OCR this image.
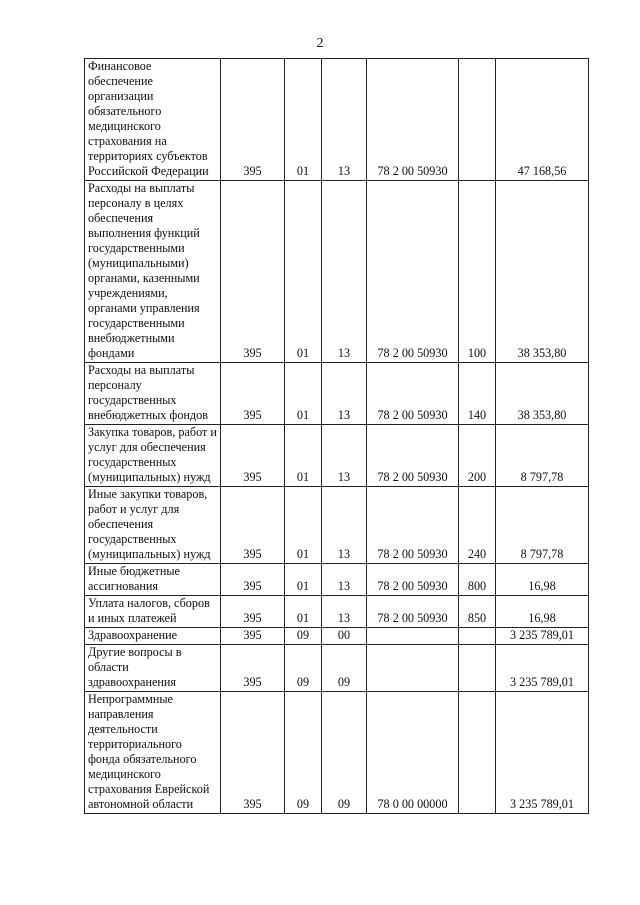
2
Финансовое обеспечение организации обязательного медицинского страхования на территориях субъектов Российской Федерации	395	01	13	78 2 00 50930		47 168,56
Расходы на выплаты персоналу в целях обеспечения выполнения функций государственными (муниципальными) органами, казенными учреждениями, органами управления государственными внебюджетными фондами	395	01	13	78 2 00 50930	100	38 353,80
Расходы на выплаты персоналу государственных внебюджетных фондов	395	01	13	78 2 00 50930	140	38 353,80
Закупка товаров, работ и услуг для обеспечения государственных (муниципальных) нужд	395	01	13	78 2 00 50930	200	8 797,78
Иные закупки товаров, работ и услуг для обеспечения государственных (муниципальных) нужд	395	01	13	78 2 00 50930	240	8 797,78
Иные бюджетные ассигнования	395	01	13	78 2 00 50930	800	16,98
Уплата налогов, сборов и иных платежей	395	01	13	78 2 00 50930	850	16,98
Здравоохранение	395	09	00			3 235 789,01
Другие вопросы в области здравоохранения	395	09	09			3 235 789,01
Непрограммные направления деятельности территориального фонда обязательного медицинского страхования Еврейской автономной области	395	09	09	78 0 00 00000		3 235 789,01
